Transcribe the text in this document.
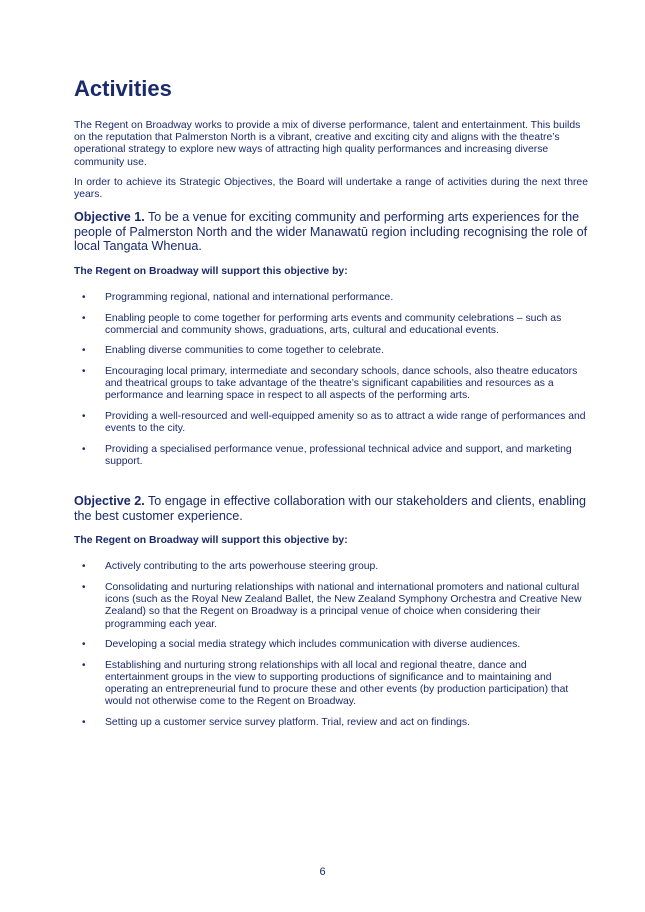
Activities

The Regent on Broadway works to provide a mix of diverse performance, talent and entertainment. This builds on the reputation that Palmerston North is a vibrant, creative and exciting city and aligns with the theatre’s operational strategy to explore new ways of attracting high quality performances and increasing diverse community use.

In order to achieve its Strategic Objectives, the Board will undertake a range of activities during the next three years.

Objective 1. To be a venue for exciting community and performing arts experiences for the people of Palmerston North and the wider Manawatū region including recognising the role of local Tangata Whenua.

The Regent on Broadway will support this objective by:

• Programming regional, national and international performance.
• Enabling people to come together for performing arts events and community celebrations – such as commercial and community shows, graduations, arts, cultural and educational events.
• Enabling diverse communities to come together to celebrate.
• Encouraging local primary, intermediate and secondary schools, dance schools, also theatre educators and theatrical groups to take advantage of the theatre’s significant capabilities and resources as a performance and learning space in respect to all aspects of the performing arts.
• Providing a well-resourced and well-equipped amenity so as to attract a wide range of performances and events to the city.
• Providing a specialised performance venue, professional technical advice and support, and marketing support.

Objective 2. To engage in effective collaboration with our stakeholders and clients, enabling the best customer experience.

The Regent on Broadway will support this objective by:

• Actively contributing to the arts powerhouse steering group.
• Consolidating and nurturing relationships with national and international promoters and national cultural icons (such as the Royal New Zealand Ballet, the New Zealand Symphony Orchestra and Creative New Zealand) so that the Regent on Broadway is a principal venue of choice when considering their programming each year.
• Developing a social media strategy which includes communication with diverse audiences.
• Establishing and nurturing strong relationships with all local and regional theatre, dance and entertainment groups in the view to supporting productions of significance and to maintaining and operating an entrepreneurial fund to procure these and other events (by production participation) that would not otherwise come to the Regent on Broadway.
• Setting up a customer service survey platform. Trial, review and act on findings.
6
